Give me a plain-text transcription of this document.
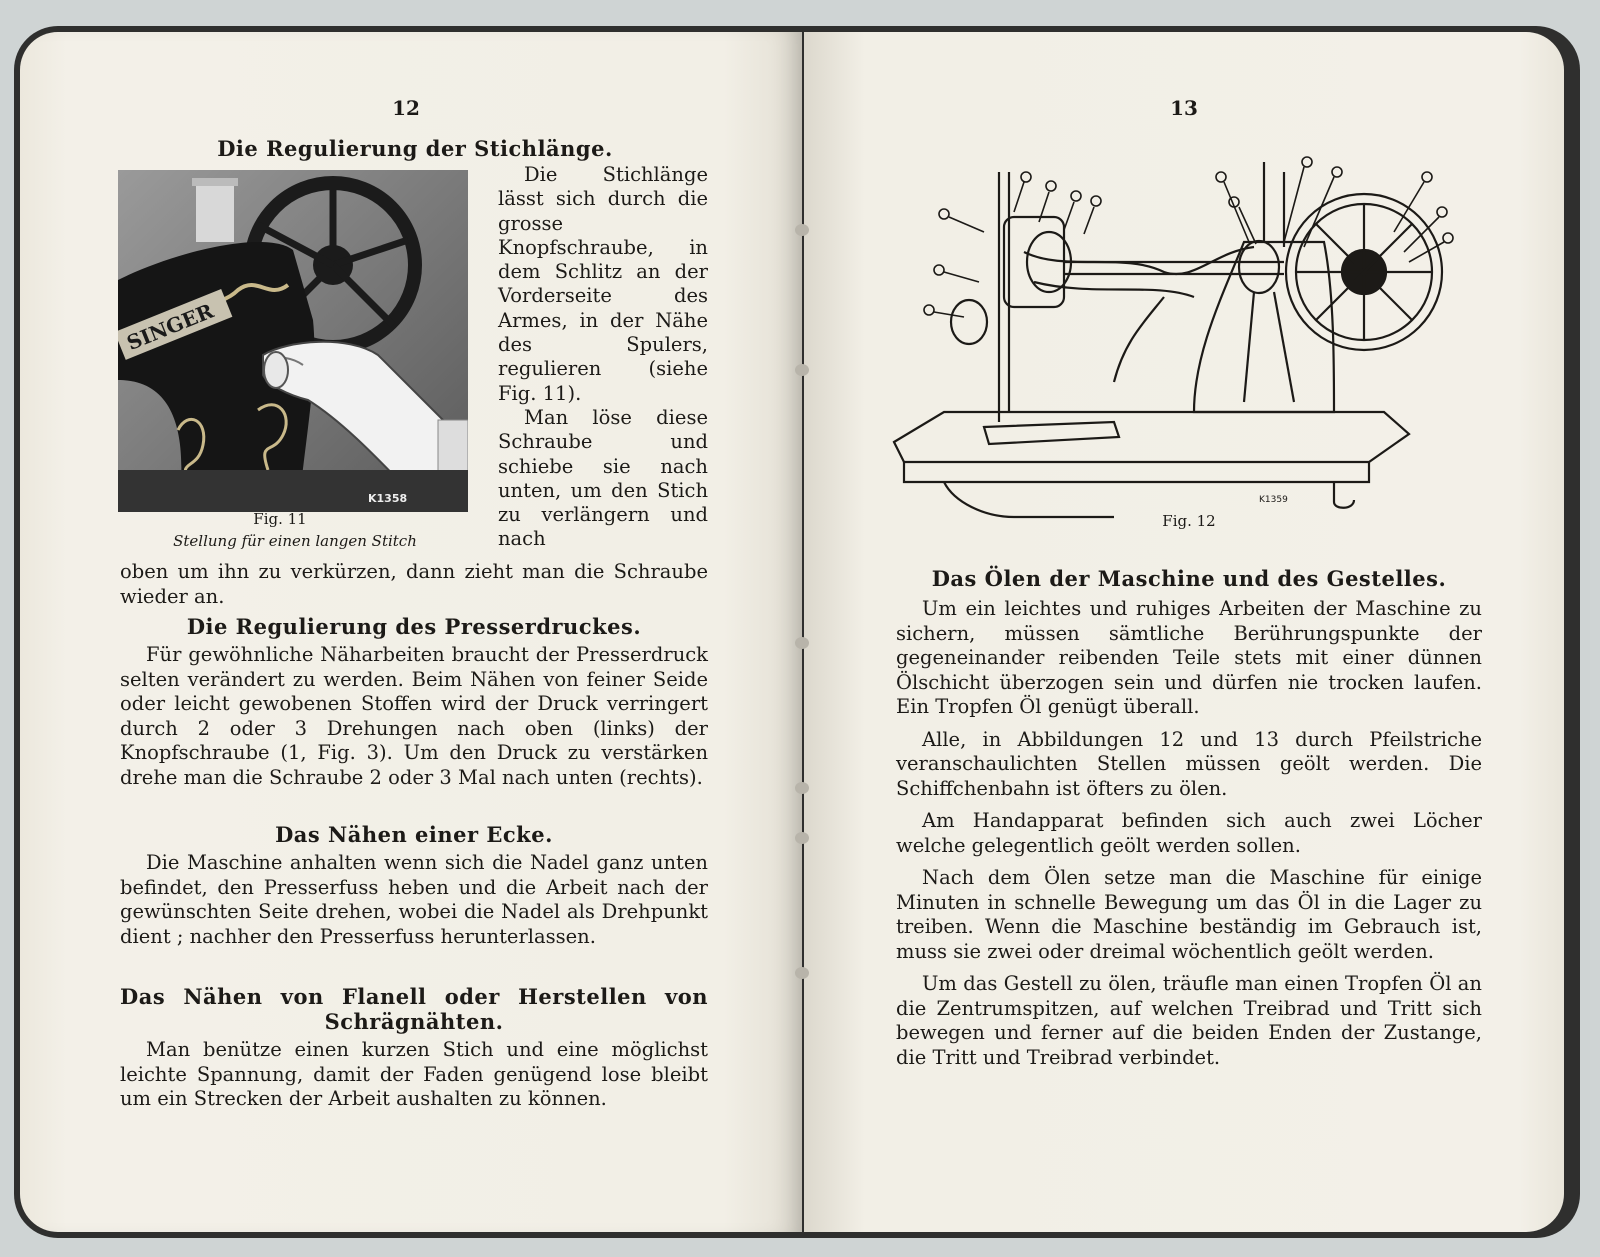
12
Die Regulierung der Stichlänge.
SINGER
K1358
Fig. 11
Stellung für einen langen Stitch

Die Stichlänge lässt sich durch die grosse Knopfschraube, in dem Schlitz an der Vorderseite des Armes, in der Nähe des Spulers, regulieren (siehe Fig. 11).

Man löse diese Schraube und schiebe sie nach unten, um den Stich zu verlängern und nach

oben um ihn zu verkürzen, dann zieht man die Schraube wieder an.

Die Regulierung des Presserdruckes.

Für gewöhnliche Näharbeiten braucht der Presserdruck selten verändert zu werden. Beim Nähen von feiner Seide oder leicht gewobenen Stoffen wird der Druck verringert durch 2 oder 3 Drehungen nach oben (links) der Knopfschraube (1, Fig. 3). Um den Druck zu verstärken drehe man die Schraube 2 oder 3 Mal nach unten (rechts).

Das Nähen einer Ecke.

Die Maschine anhalten wenn sich die Nadel ganz unten befindet, den Presserfuss heben und die Arbeit nach der gewünschten Seite drehen, wobei die Nadel als Drehpunkt dient ; nachher den Presserfuss herunterlassen.

Das Nähen von Flanell oder Herstellen von
Schrägnähten.

Man benütze einen kurzen Stich und eine möglichst leichte Spannung, damit der Faden genügend lose bleibt um ein Strecken der Arbeit aushalten zu können.

13
K1359
Fig. 12
Das Ölen der Maschine und des Gestelles.

Um ein leichtes und ruhiges Arbeiten der Maschine zu sichern, müssen sämtliche Berührungspunkte der gegeneinander reibenden Teile stets mit einer dünnen Ölschicht überzogen sein und dürfen nie trocken laufen. Ein Tropfen Öl genügt überall.

Alle, in Abbildungen 12 und 13 durch Pfeilstriche veranschaulichten Stellen müssen geölt werden. Die Schiffchenbahn ist öfters zu ölen.

Am Handapparat befinden sich auch zwei Löcher welche gelegentlich geölt werden sollen.

Nach dem Ölen setze man die Maschine für einige Minuten in schnelle Bewegung um das Öl in die Lager zu treiben. Wenn die Maschine beständig im Gebrauch ist, muss sie zwei oder dreimal wöchentlich geölt werden.

Um das Gestell zu ölen, träufle man einen Tropfen Öl an die Zentrumspitzen, auf welchen Treibrad und Tritt sich bewegen und ferner auf die beiden Enden der Zustange, die Tritt und Treibrad verbindet.
